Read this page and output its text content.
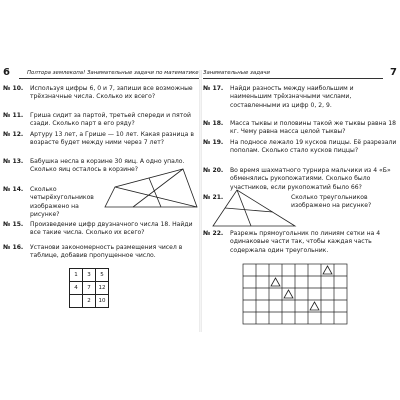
6	Полтора землекопа! Занимательные задачи по математике
№ 10. Используя цифры 6, 0 и 7, запиши все возможные трёхзначные числа. Сколько их всего?
№ 11. Гриша сидит за партой, третьей спереди и пятой сзади. Сколько парт в его ряду?
№ 12. Артуру 13 лет, а Грише — 10 лет. Какая разница в возрасте будет между ними через 7 лет?
№ 13. Бабушка несла в корзине 30 яиц. А одно упало. Сколько яиц осталось в корзине?
№ 14. Сколько четырёхугольников изображено на рисунке?
№ 15. Произведение цифр двузначного числа 18. Найди все такие числа. Сколько их всего?
№ 16. Установи закономерность размещения чисел в таблице, добавив пропущенное число.
1	3	5
4	7	12
	2	10
Занимательные задачи	7
№ 17. Найди разность между наибольшим и наименьшим трёхзначными числами, составленными из цифр 0, 2, 9.
№ 18. Масса тыквы и половины такой же тыквы равна 18 кг. Чему равна масса целой тыквы?
№ 19. На подносе лежало 19 кусков пиццы. Её разрезали пополам. Сколько стало кусков пиццы?
№ 20. Во время шахматного турнира мальчики из 4 «Б» обменялись рукопожатиями. Сколько было участников, если рукопожатий было 66?
№ 21.	Сколько треугольников изображено на рисунке?
№ 22. Разрежь прямоугольник по линиям сетки на 4 одинаковые части так, чтобы каждая часть содержала один треугольник.
